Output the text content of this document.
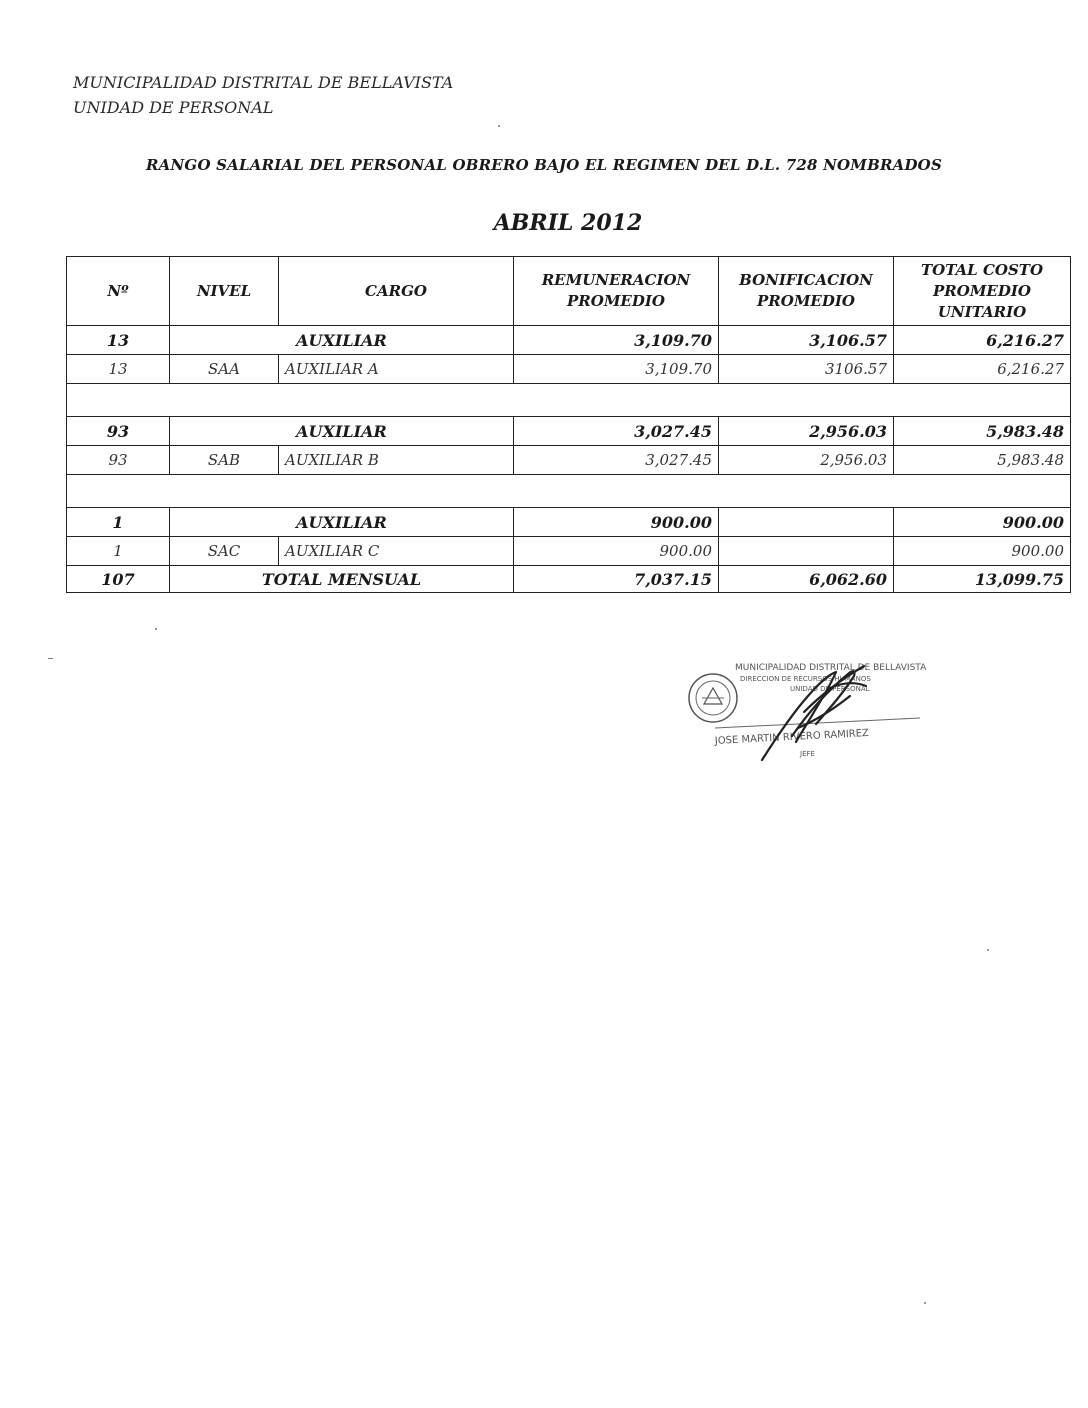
MUNICIPALIDAD DISTRITAL DE BELLAVISTA
UNIDAD DE PERSONAL
RANGO SALARIAL DEL PERSONAL OBRERO BAJO EL REGIMEN DEL D.L. 728 NOMBRADOS
ABRIL 2012
Nº	NIVEL	CARGO	REMUNERACION PROMEDIO	BONIFICACION PROMEDIO	TOTAL COSTO PROMEDIO UNITARIO
13	AUXILIAR		3,109.70	3,106.57	6,216.27
13	SAA	AUXILIAR A	3,109.70	3106.57	6,216.27

93	AUXILIAR		3,027.45	2,956.03	5,983.48
93	SAB	AUXILIAR B	3,027.45	2,956.03	5,983.48

1	AUXILIAR		900.00		900.00
1	SAC	AUXILIAR C	900.00		900.00
107	TOTAL MENSUAL		7,037.15	6,062.60	13,099.75
MUNICIPALIDAD DISTRITAL DE BELLAVISTA
DIRECCION DE RECURSOS HUMANOS
UNIDAD DE PERSONAL
JOSE MARTIN RIVERO RAMIREZ
JEFE
